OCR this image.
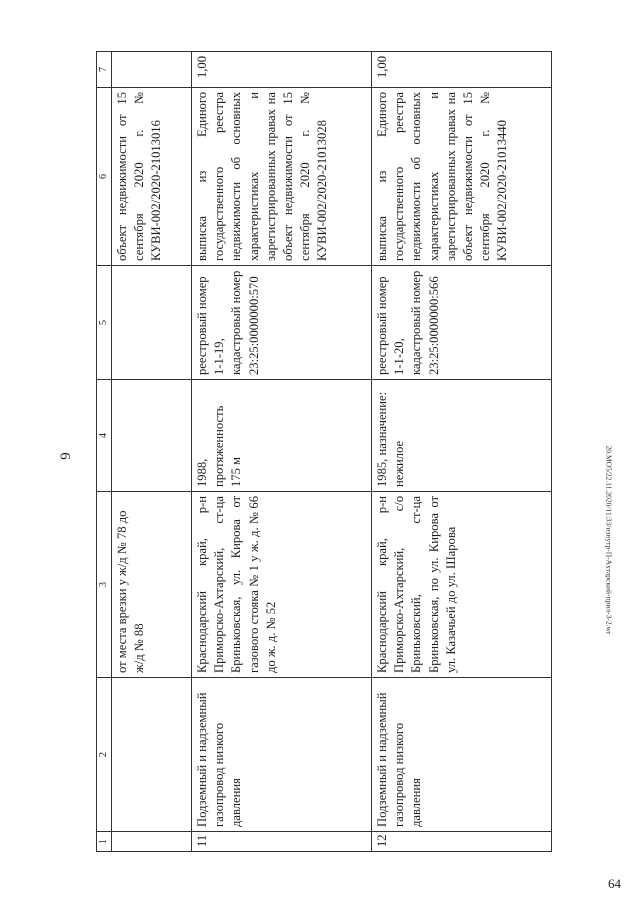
6	20.МО5/22.11.2020/11:33/изнутр-П-Ахтарский-прил-3-2.wr
64
1	2	3	4	5	6	7
		от места врезки у ж/д № 78 до ж/д № 88			объект недвижимости от 15 сентября 2020 г. № КУВИ-002/2020-21013016	
11	Подземный и надземный газопровод низкого давления	Краснодарский край, р-н Приморско-Ахтарский, ст-ца Бриньковская, ул. Кирова от газового стояка № 1 у ж. д. № 66 до ж. д. № 52	1988, протяженность 175 м	реестровый номер 1-1-19, кадастровый номер 23:25:0000000:570	выписка из Единого государственного реестра недвижимости об основных характеристиках и зарегистрированных правах на объект недвижимости от 15 сентября 2020 г. № КУВИ-002/2020-21013028	1,00
12	Подземный и надземный газопровод низкого давления	Краснодарский край, р-н Приморско-Ахтарский, с/о Бриньковский, ст-ца Бриньковская, по ул. Кирова от ул. Казачьей до ул. Шарова	1985, назначение: нежилое	реестровый номер 1-1-20, кадастровый номер 23:25:0000000:566	выписка из Единого государственного реестра недвижимости об основных характеристиках и зарегистрированных правах на объект недвижимости от 15 сентября 2020 г. № КУВИ-002/2020-21013440	1,00
